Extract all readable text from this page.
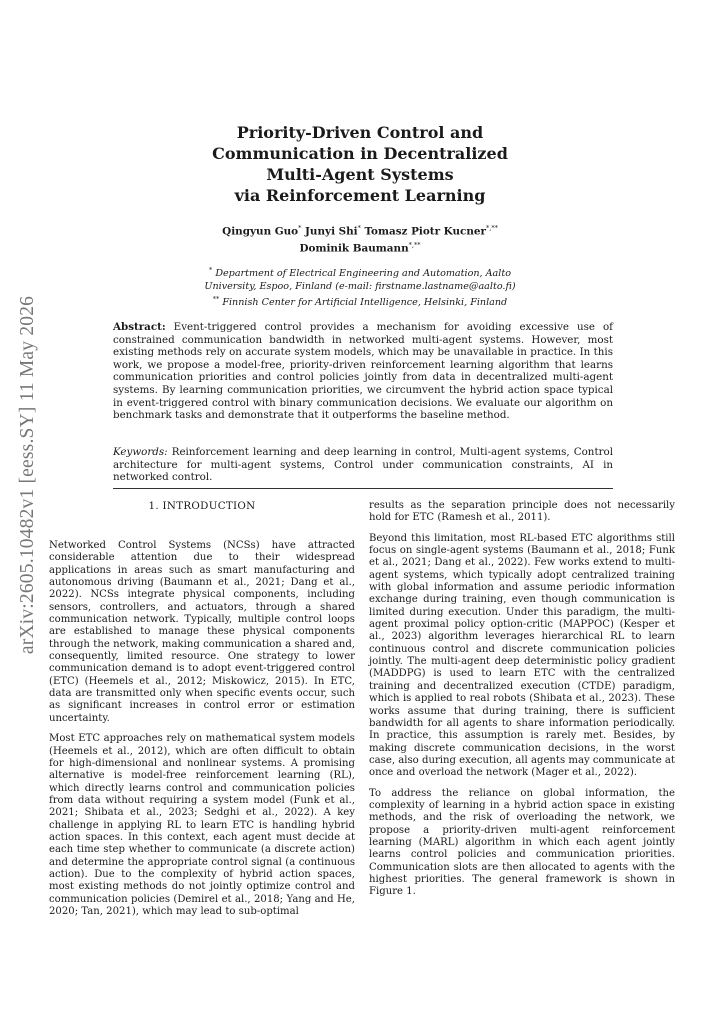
arXiv:2605.10482v1 [eess.SY] 11 May 2026
Priority-Driven Control and
Communication in Decentralized
Multi-Agent Systems
via Reinforcement Learning
Qingyun Guo* Junyi Shi* Tomasz Piotr Kucner*,**
Dominik Baumann*,**
* Department of Electrical Engineering and Automation, Aalto
University, Espoo, Finland (e-mail: firstname.lastname@aalto.fi)
** Finnish Center for Artificial Intelligence, Helsinki, Finland
Abstract: Event-triggered control provides a mechanism for avoiding excessive use of constrained communication bandwidth in networked multi-agent systems. However, most existing methods rely on accurate system models, which may be unavailable in practice. In this work, we propose a model-free, priority-driven reinforcement learning algorithm that learns communication priorities and control policies jointly from data in decentralized multi-agent systems. By learning communication priorities, we circumvent the hybrid action space typical in event-triggered control with binary communication decisions. We evaluate our algorithm on benchmark tasks and demonstrate that it outperforms the baseline method.
Keywords: Reinforcement learning and deep learning in control, Multi-agent systems, Control architecture for multi-agent systems, Control under communication constraints, AI in networked control.
1. INTRODUCTION

Networked Control Systems (NCSs) have attracted considerable attention due to their widespread applications in areas such as smart manufacturing and autonomous driving (Baumann et al., 2021; Dang et al., 2022). NCSs integrate physical components, including sensors, controllers, and actuators, through a shared communication network. Typically, multiple control loops are established to manage these physical components through the network, making communication a shared and, consequently, limited resource. One strategy to lower communication demand is to adopt event-triggered control (ETC) (Heemels et al., 2012; Miskowicz, 2015). In ETC, data are transmitted only when specific events occur, such as significant increases in control error or estimation uncertainty.

Most ETC approaches rely on mathematical system models (Heemels et al., 2012), which are often difficult to obtain for high-dimensional and nonlinear systems. A promising alternative is model-free reinforcement learning (RL), which directly learns control and communication policies from data without requiring a system model (Funk et al., 2021; Shibata et al., 2023; Sedghi et al., 2022). A key challenge in applying RL to learn ETC is handling hybrid action spaces. In this context, each agent must decide at each time step whether to communicate (a discrete action) and determine the appropriate control signal (a continuous action). Due to the complexity of hybrid action spaces, most existing methods do not jointly optimize control and communication policies (Demirel et al., 2018; Yang and He, 2020; Tan, 2021), which may lead to sub-optimal

results as the separation principle does not necessarily hold for ETC (Ramesh et al., 2011).

Beyond this limitation, most RL-based ETC algorithms still focus on single-agent systems (Baumann et al., 2018; Funk et al., 2021; Dang et al., 2022). Few works extend to multi-agent systems, which typically adopt centralized training with global information and assume periodic information exchange during training, even though communication is limited during execution. Under this paradigm, the multi-agent proximal policy option-critic (MAPPOC) (Kesper et al., 2023) algorithm leverages hierarchical RL to learn continuous control and discrete communication policies jointly. The multi-agent deep deterministic policy gradient (MADDPG) is used to learn ETC with the centralized training and decentralized execution (CTDE) paradigm, which is applied to real robots (Shibata et al., 2023). These works assume that during training, there is sufficient bandwidth for all agents to share information periodically. In practice, this assumption is rarely met. Besides, by making discrete communication decisions, in the worst case, also during execution, all agents may communicate at once and overload the network (Mager et al., 2022).

To address the reliance on global information, the complexity of learning in a hybrid action space in existing methods, and the risk of overloading the network, we propose a priority-driven multi-agent reinforcement learning (MARL) algorithm in which each agent jointly learns control policies and communication priorities. Communication slots are then allocated to agents with the highest priorities. The general framework is shown in Figure 1.
